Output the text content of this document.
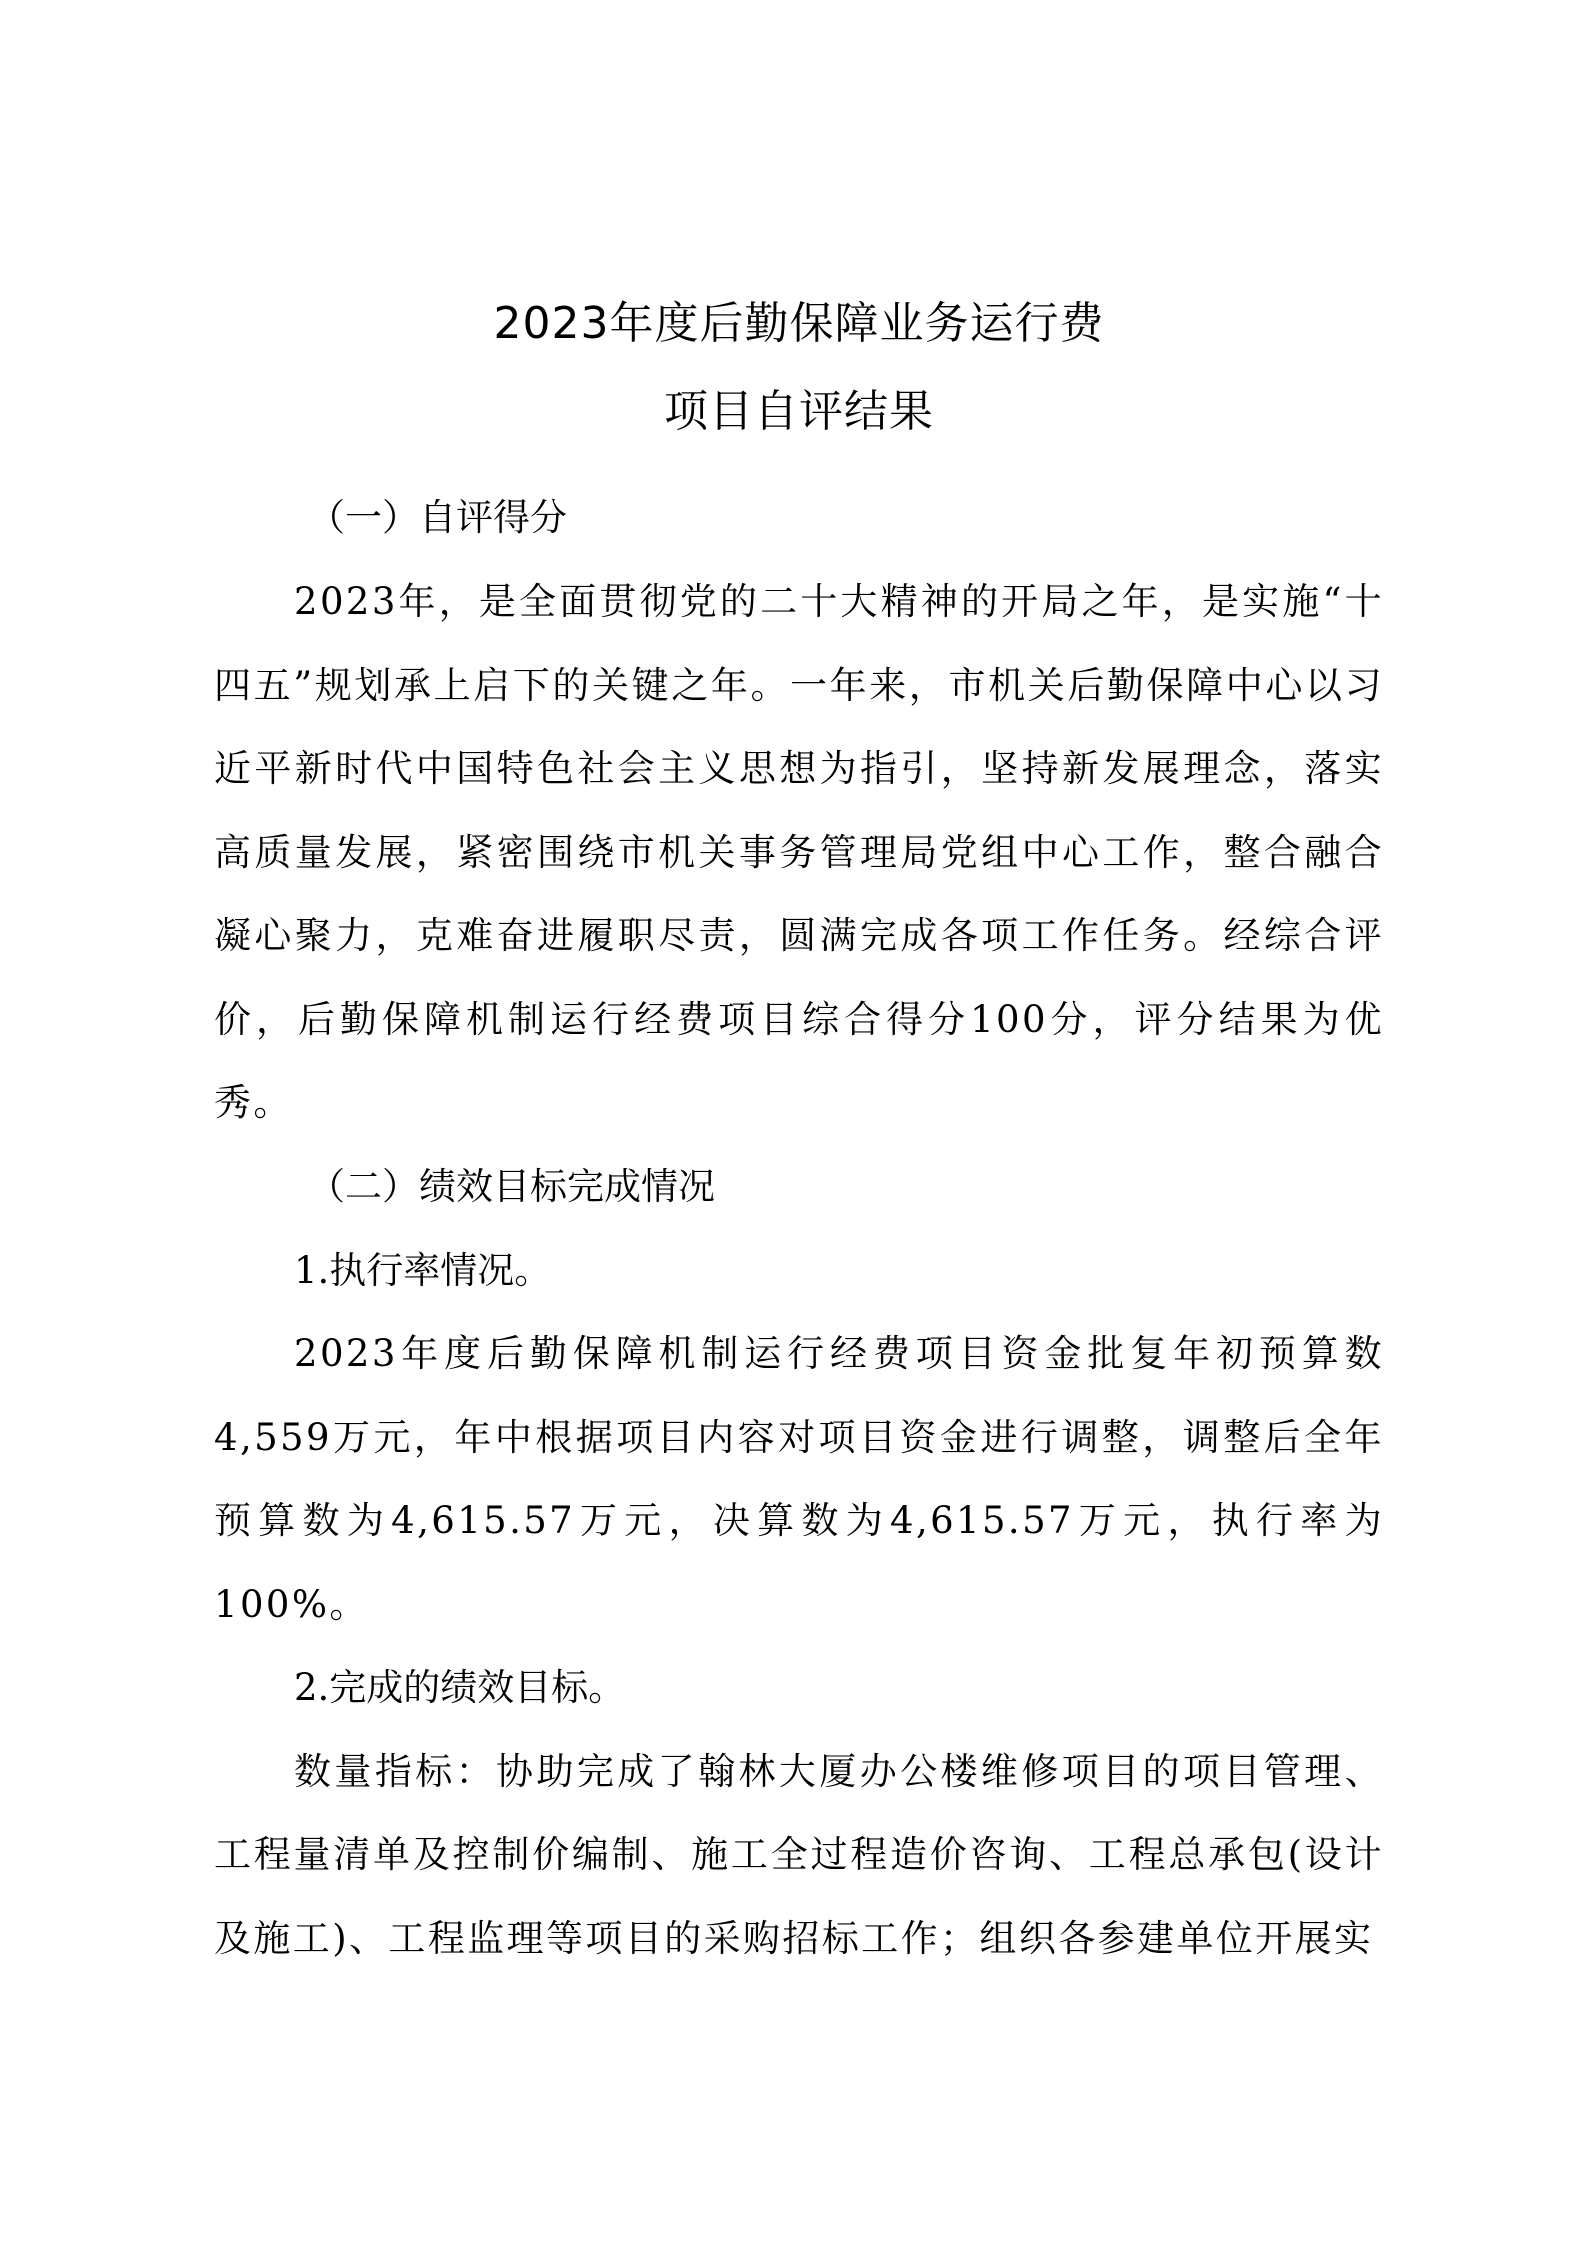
2023年度后勤保障业务运行费
项目自评结果
（一）自评得分

2023年，是全面贯彻党的二十大精神的开局之年，是实施“十四五”规划承上启下的关键之年。一年来，市机关后勤保障中心以习近平新时代中国特色社会主义思想为指引，坚持新发展理念，落实高质量发展，紧密围绕市机关事务管理局党组中心工作，整合融合凝心聚力，克难奋进履职尽责，圆满完成各项工作任务。经综合评价，后勤保障机制运行经费项目综合得分100分，评分结果为优秀。

（二）绩效目标完成情况

1.执行率情况。

2023年度后勤保障机制运行经费项目资金批复年初预算数4,559万元，年中根据项目内容对项目资金进行调整，调整后全年预算数为4,615.57万元，决算数为4,615.57万元，执行率为100%。

2.完成的绩效目标。

数量指标：协助完成了翰林大厦办公楼维修项目的项目管理、工程量清单及控制价编制、施工全过程造价咨询、工程总承包(设计及施工)、工程监理等项目的采购招标工作；组织各参建单位开展实
